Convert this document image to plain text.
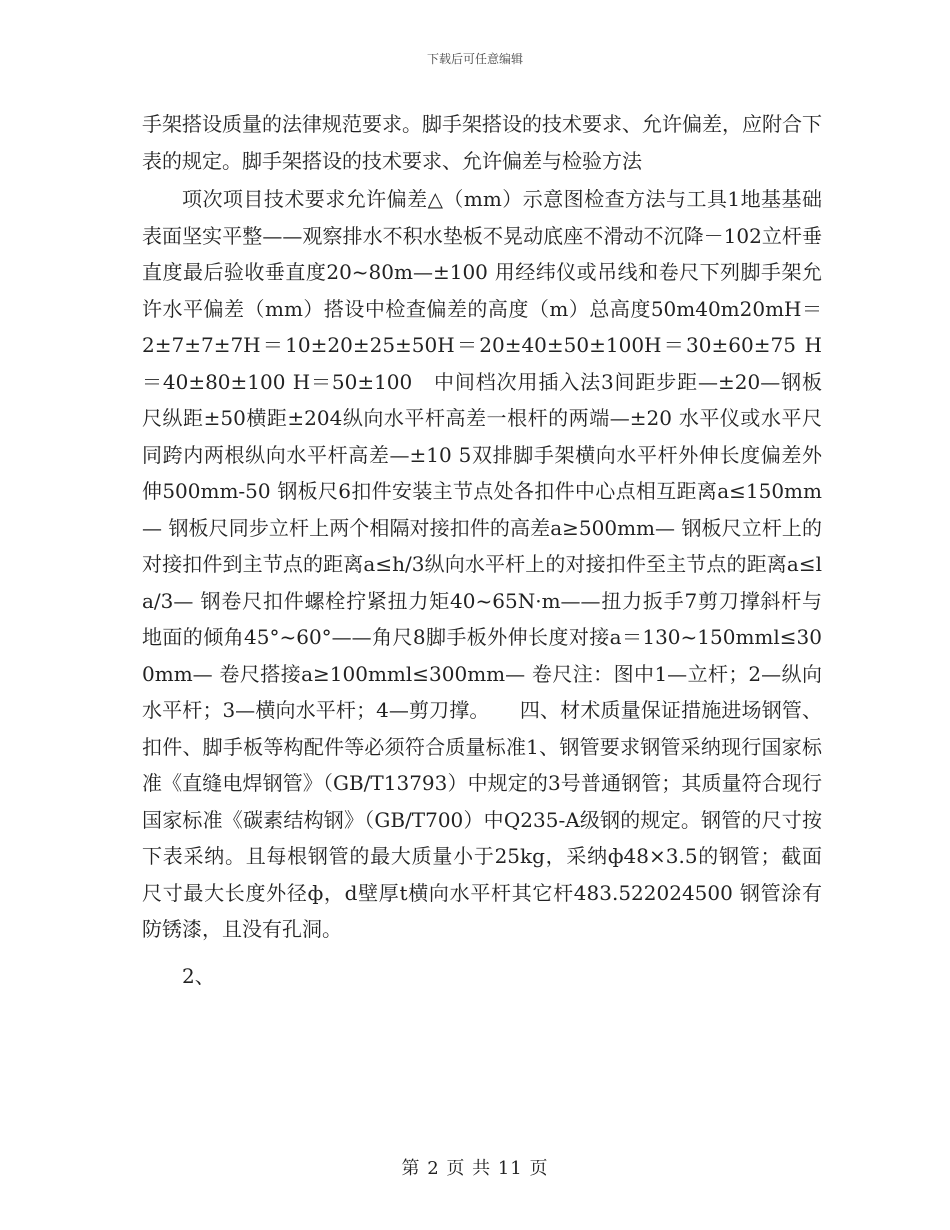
下载后可任意编辑

手架搭设质量的法律规范要求。脚手架搭设的技术要求、允许偏差，应附合下表的规定。脚手架搭设的技术要求、允许偏差与检验方法

项次项目技术要求允许偏差△（mm）示意图检查方法与工具1地基基础表面坚实平整——观察排水不积水垫板不晃动底座不滑动不沉降－102立杆垂直度最后验收垂直度20~80m—±100 用经纬仪或吊线和卷尺下列脚手架允许水平偏差（mm）搭设中检查偏差的高度（m）总高度50m40m20mH＝2±7±7±7H＝10±20±25±50H＝20±40±50±100H＝30±60±75 H＝40±80±100 H＝50±100　中间档次用插入法3间距步距—±20—钢板尺纵距±50横距±204纵向水平杆高差一根杆的两端—±20 水平仪或水平尺同跨内两根纵向水平杆高差—±10 5双排脚手架横向水平杆外伸长度偏差外伸500mm-50 钢板尺6扣件安装主节点处各扣件中心点相互距离a≤150mm— 钢板尺同步立杆上两个相隔对接扣件的高差a≥500mm— 钢板尺立杆上的对接扣件到主节点的距离a≤h/3纵向水平杆上的对接扣件至主节点的距离a≤la/3— 钢卷尺扣件螺栓拧紧扭力矩40~65N·m——扭力扳手7剪刀撑斜杆与地面的倾角45°~60°——角尺8脚手板外伸长度对接a＝130~150mml≤300mm— 卷尺搭接a≥100mml≤300mm— 卷尺注：图中1—立杆；2—纵向水平杆；3—横向水平杆；4—剪刀撑。　　四、材术质量保证措施进场钢管、扣件、脚手板等构配件等必须符合质量标准1、钢管要求钢管采纳现行国家标准《直缝电焊钢管》（GB/T13793）中规定的3号普通钢管；其质量符合现行国家标准《碳素结构钢》（GB/T700）中Q235-A级钢的规定。钢管的尺寸按下表采纳。且每根钢管的最大质量小于25kg，采纳ф48×3.5的钢管；截面尺寸最大长度外径ф，d壁厚t横向水平杆其它杆483.522024500 钢管涂有防锈漆，且没有孔洞。

2、

第 2 页 共 11 页
